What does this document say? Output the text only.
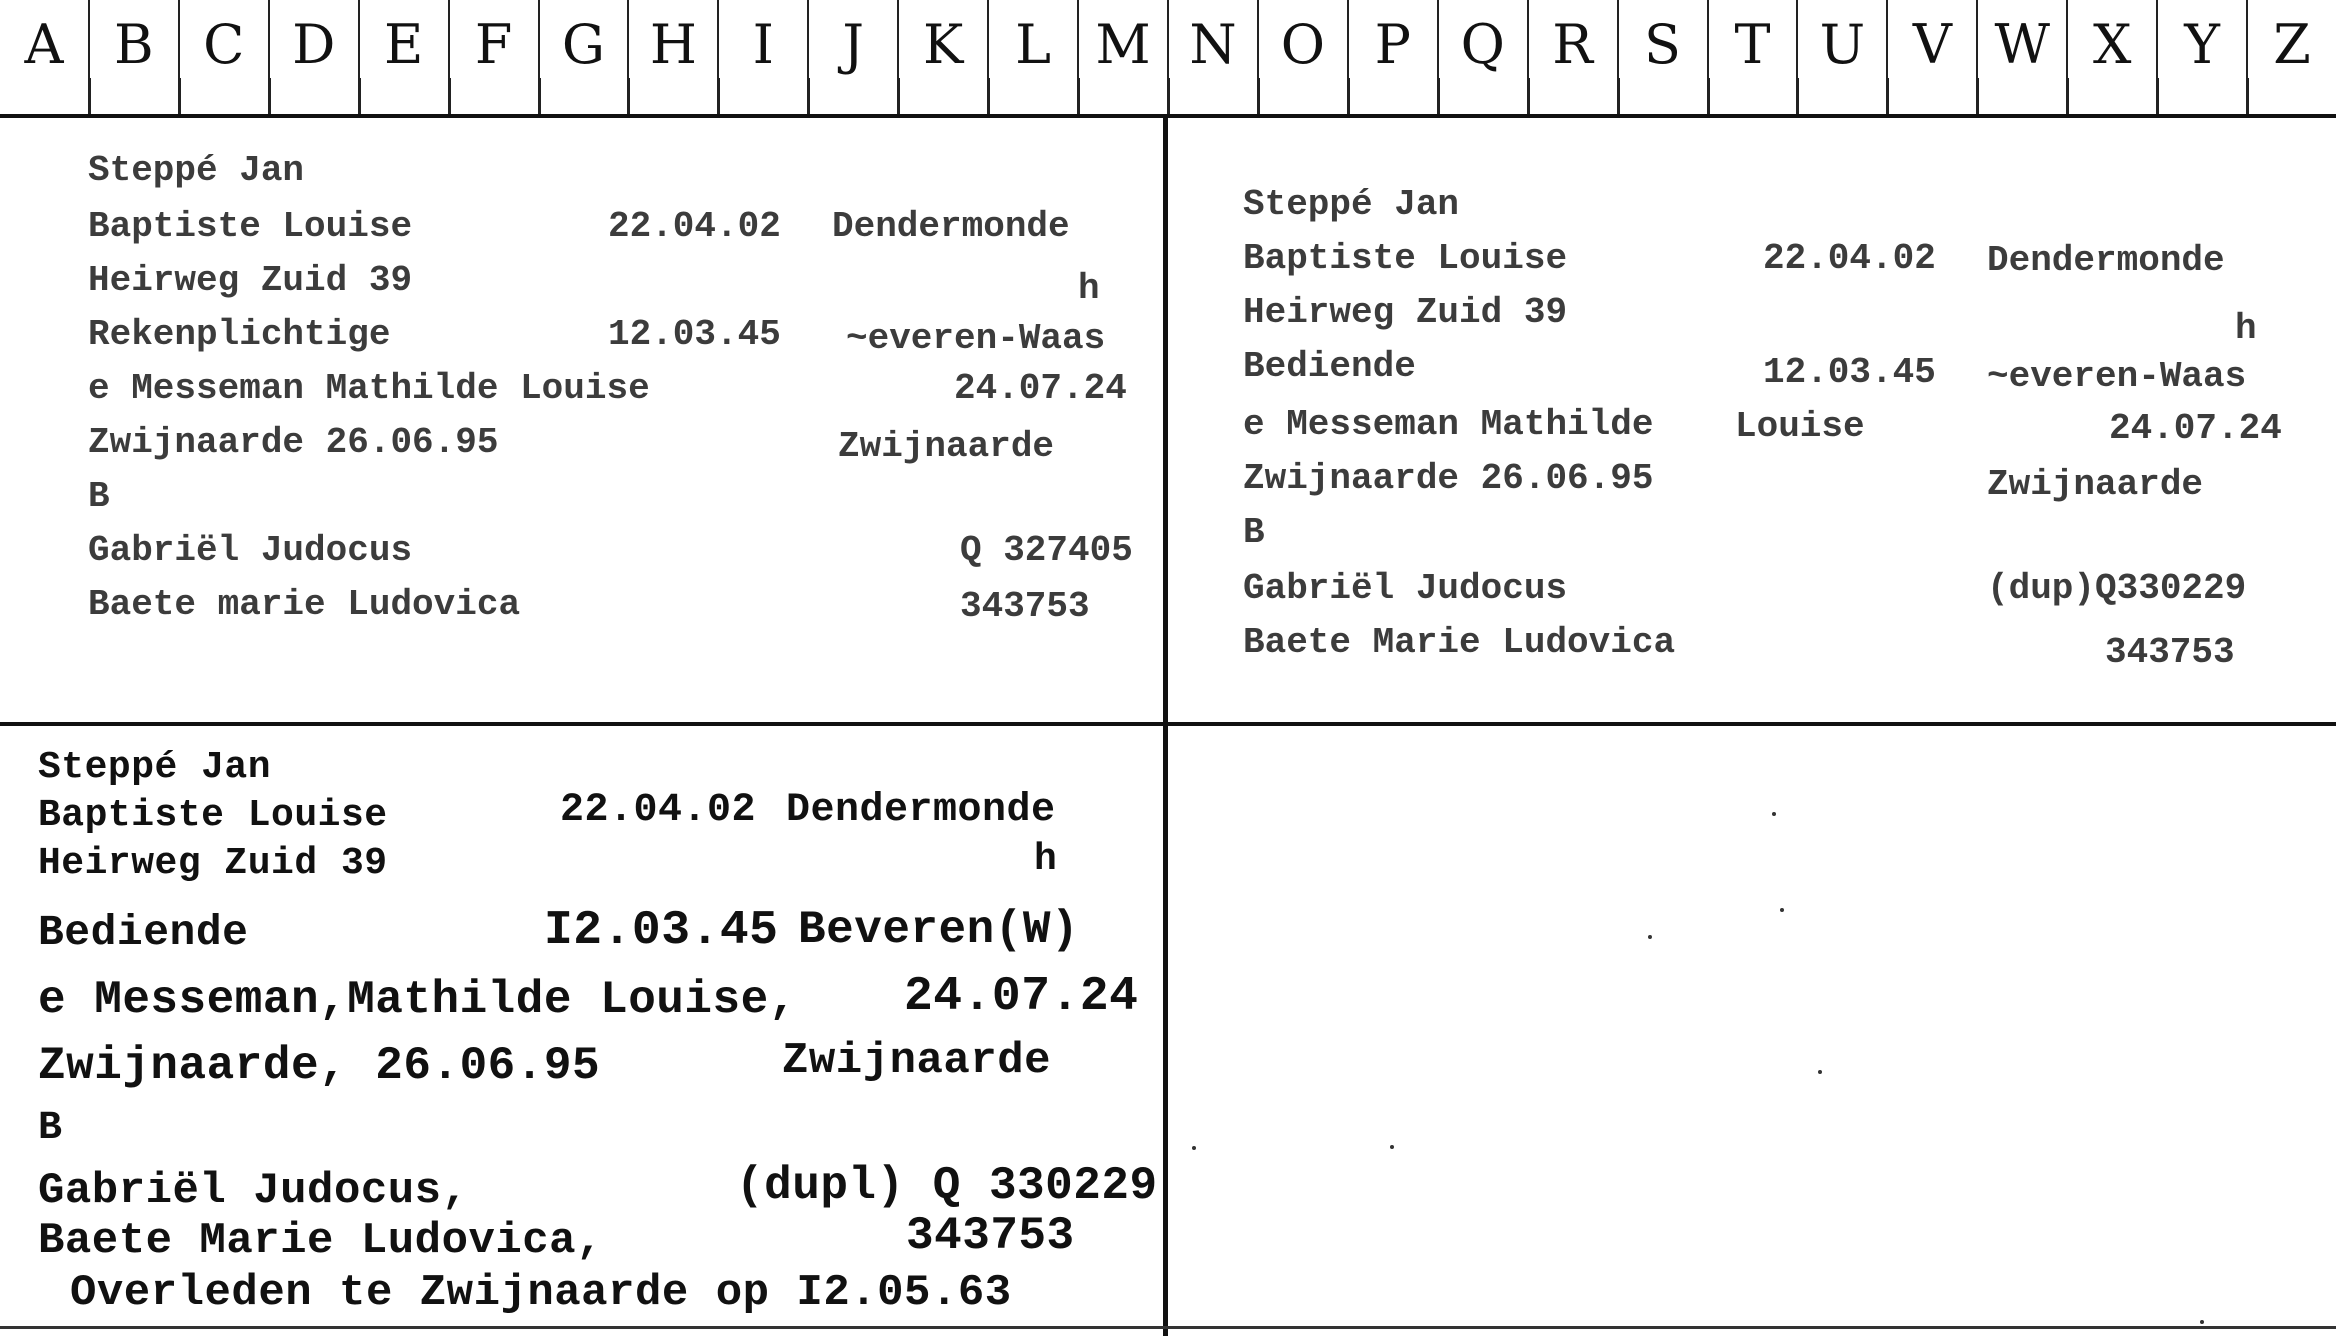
A B C D E F G H	I	J	K L M N O P Q R S T U V W X Y Z
Steppé Jan
Baptiste Louise	22.04.02 Dendermonde
Heirweg Zuid 39	h
Rekenplichtige	12.03.45 ~everen-Waas
e Messeman Mathilde Louise	24.07.24
Zwijnaarde 26.06.95	Zwijnaarde
B
Gabriël Judocus	Q 327405
Baete marie Ludovica	343753
Steppé Jan
Baptiste Louise	22.04.02 Dendermonde
Heirweg Zuid 39	h
Bediende	12.03.45 ~everen-Waas
e Messeman Mathilde Louise	24.07.24
Zwijnaarde 26.06.95	Zwijnaarde
B
Gabriël Judocus	(dup)Q330229
Baete Marie Ludovica	343753
Steppé Jan
Baptiste Louise	22.04.02 Dendermonde
Heirweg Zuid 39	h
Bediende	I2.03.45 Beveren(W)
e Messeman,Mathilde Louise, 24.07.24
Zwijnaarde, 26.06.95	Zwijnaarde
B
Gabriël Judocus,	(dupl) Q 330229
Baete Marie Ludovica,	343753
Overleden te Zwijnaarde op I2.05.63
